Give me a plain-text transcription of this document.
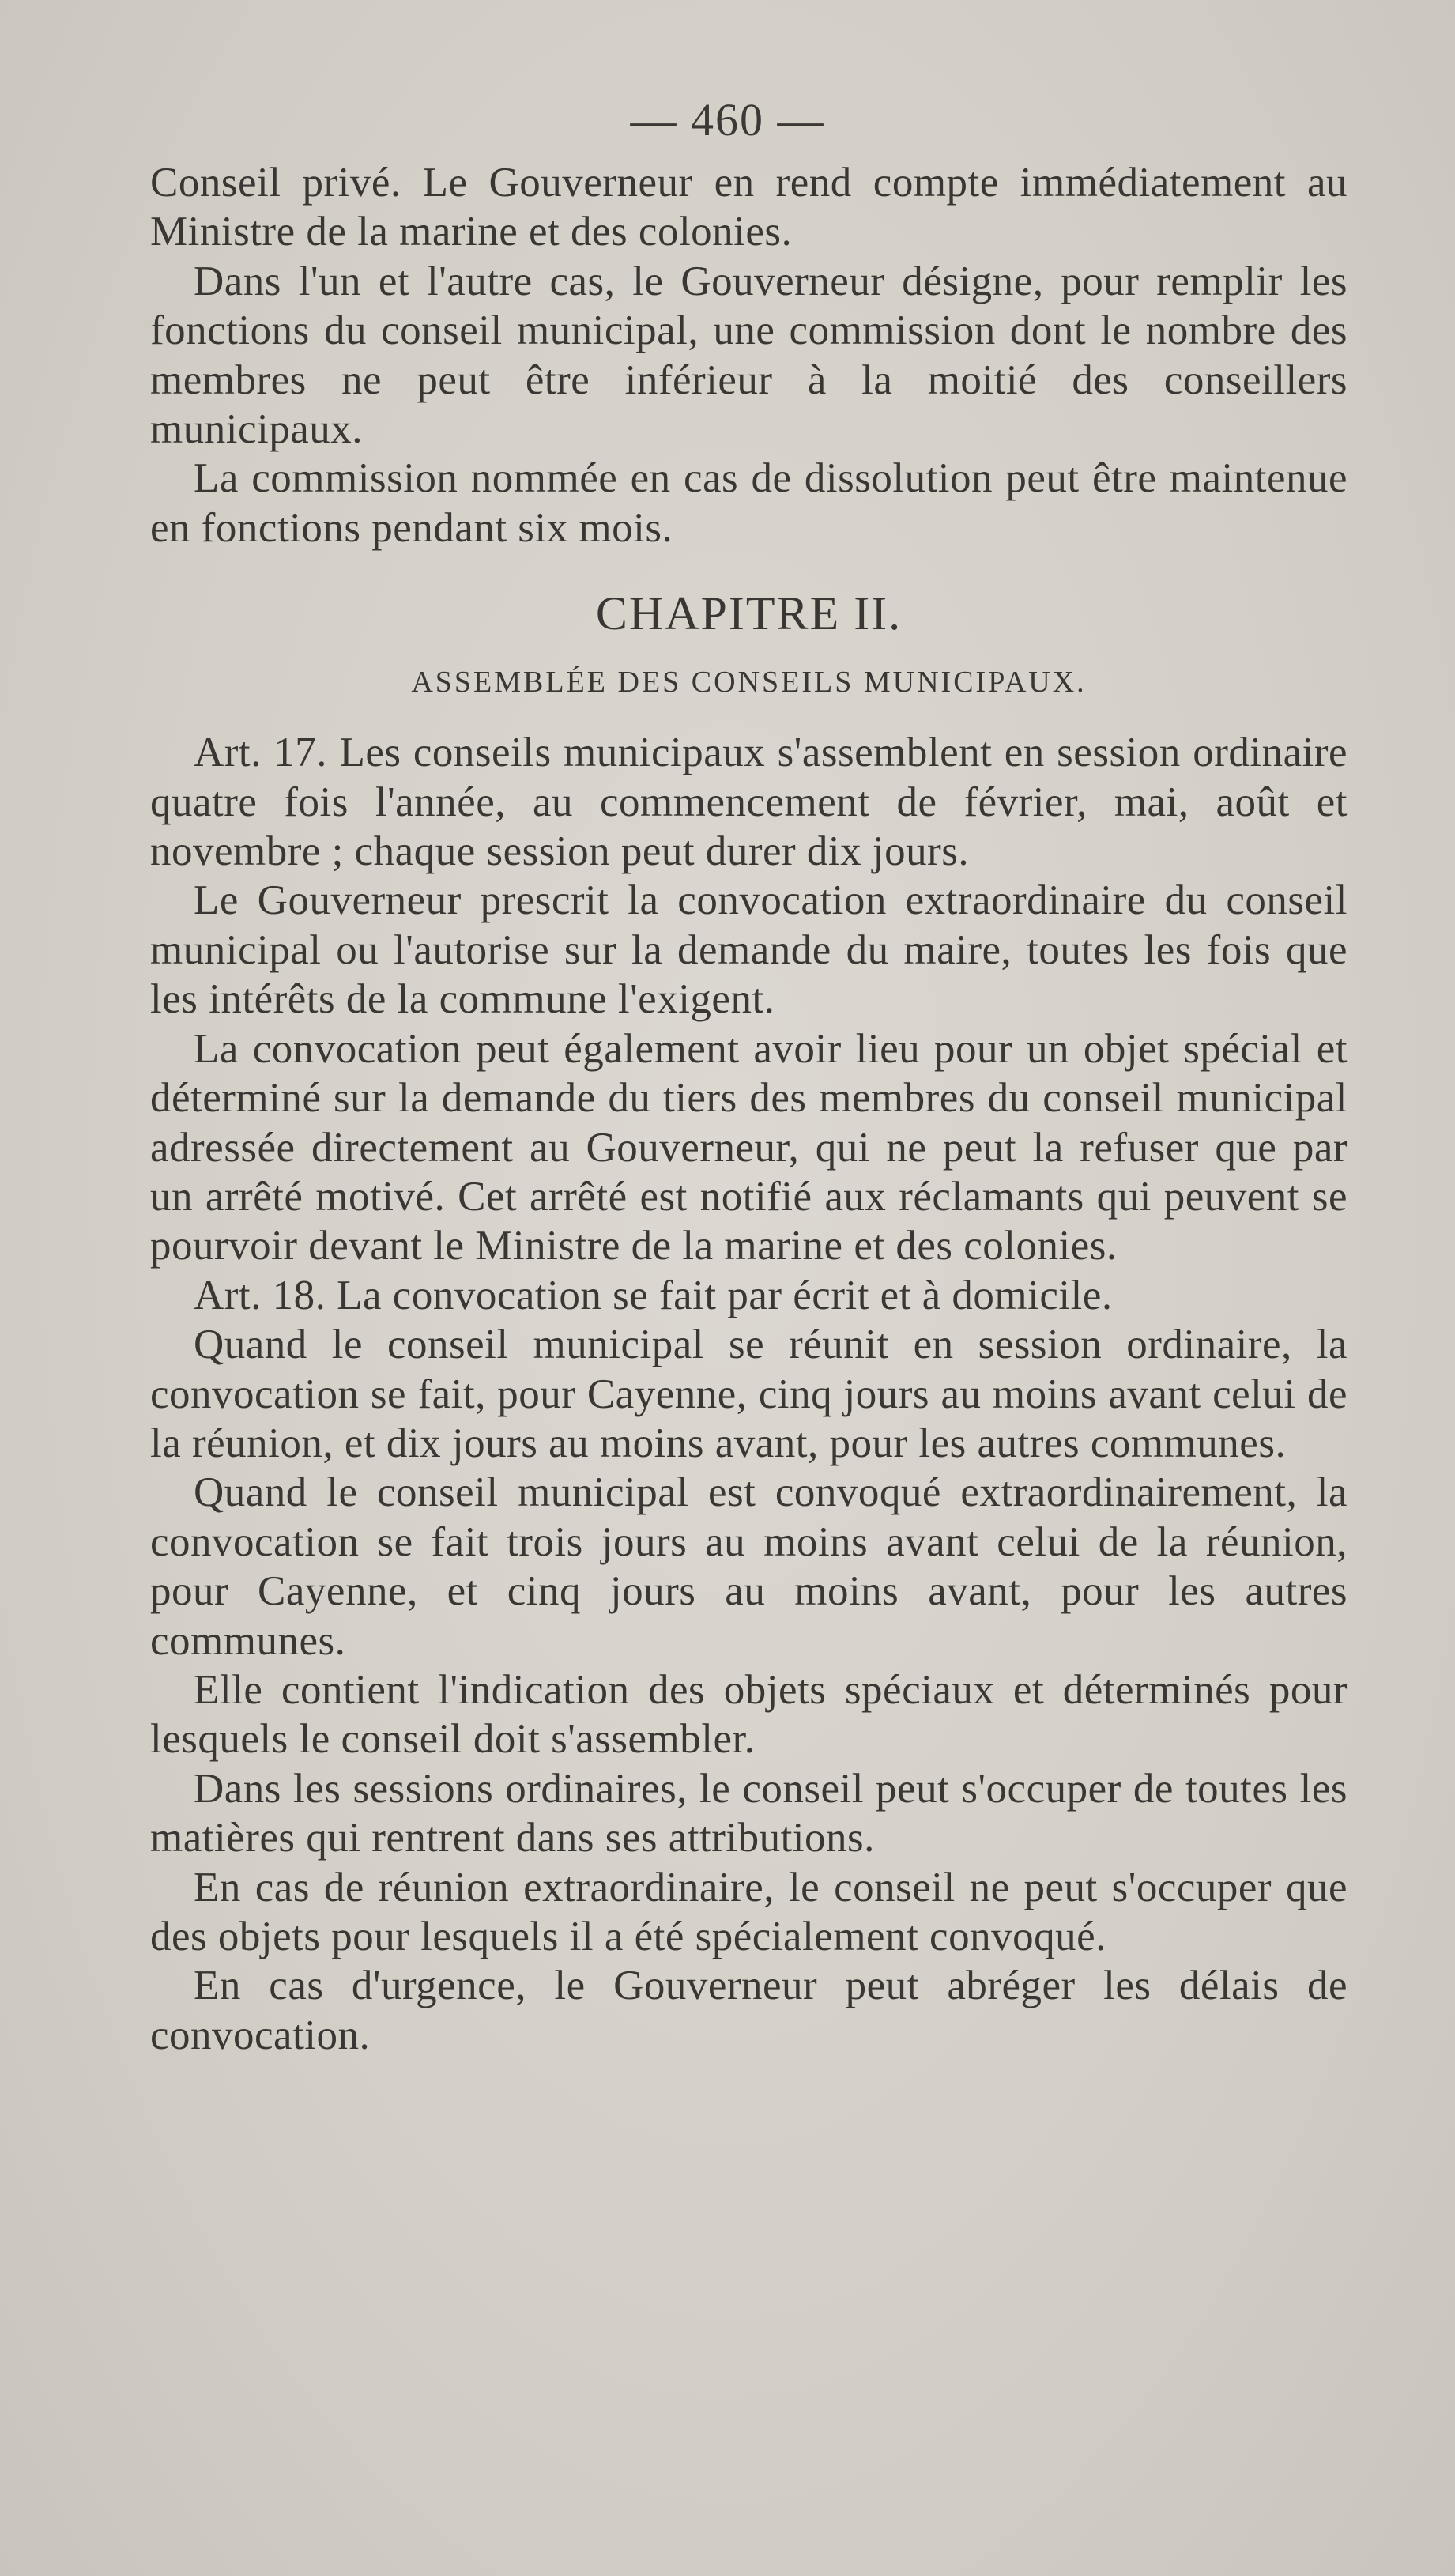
— 460 —

Conseil privé. Le Gouverneur en rend compte immédiatement au Ministre de la marine et des colonies.

Dans l'un et l'autre cas, le Gouverneur désigne, pour remplir les fonctions du conseil municipal, une commission dont le nombre des membres ne peut être inférieur à la moitié des conseillers municipaux.

La commission nommée en cas de dissolution peut être maintenue en fonctions pendant six mois.

CHAPITRE II.
ASSEMBLÉE DES CONSEILS MUNICIPAUX.

Art. 17. Les conseils municipaux s'assemblent en session ordinaire quatre fois l'année, au commencement de février, mai, août et novembre ; chaque session peut durer dix jours.

Le Gouverneur prescrit la convocation extraordinaire du conseil municipal ou l'autorise sur la demande du maire, toutes les fois que les intérêts de la commune l'exigent.

La convocation peut également avoir lieu pour un objet spécial et déterminé sur la demande du tiers des membres du conseil municipal adressée directement au Gouverneur, qui ne peut la refuser que par un arrêté motivé. Cet arrêté est notifié aux réclamants qui peuvent se pourvoir devant le Ministre de la marine et des colonies.

Art. 18. La convocation se fait par écrit et à domicile.

Quand le conseil municipal se réunit en session ordinaire, la convocation se fait, pour Cayenne, cinq jours au moins avant celui de la réunion, et dix jours au moins avant, pour les autres communes.

Quand le conseil municipal est convoqué extraordinairement, la convocation se fait trois jours au moins avant celui de la réunion, pour Cayenne, et cinq jours au moins avant, pour les autres communes.

Elle contient l'indication des objets spéciaux et déterminés pour lesquels le conseil doit s'assembler.

Dans les sessions ordinaires, le conseil peut s'occuper de toutes les matières qui rentrent dans ses attributions.

En cas de réunion extraordinaire, le conseil ne peut s'occuper que des objets pour lesquels il a été spécialement convoqué.

En cas d'urgence, le Gouverneur peut abréger les délais de convocation.
